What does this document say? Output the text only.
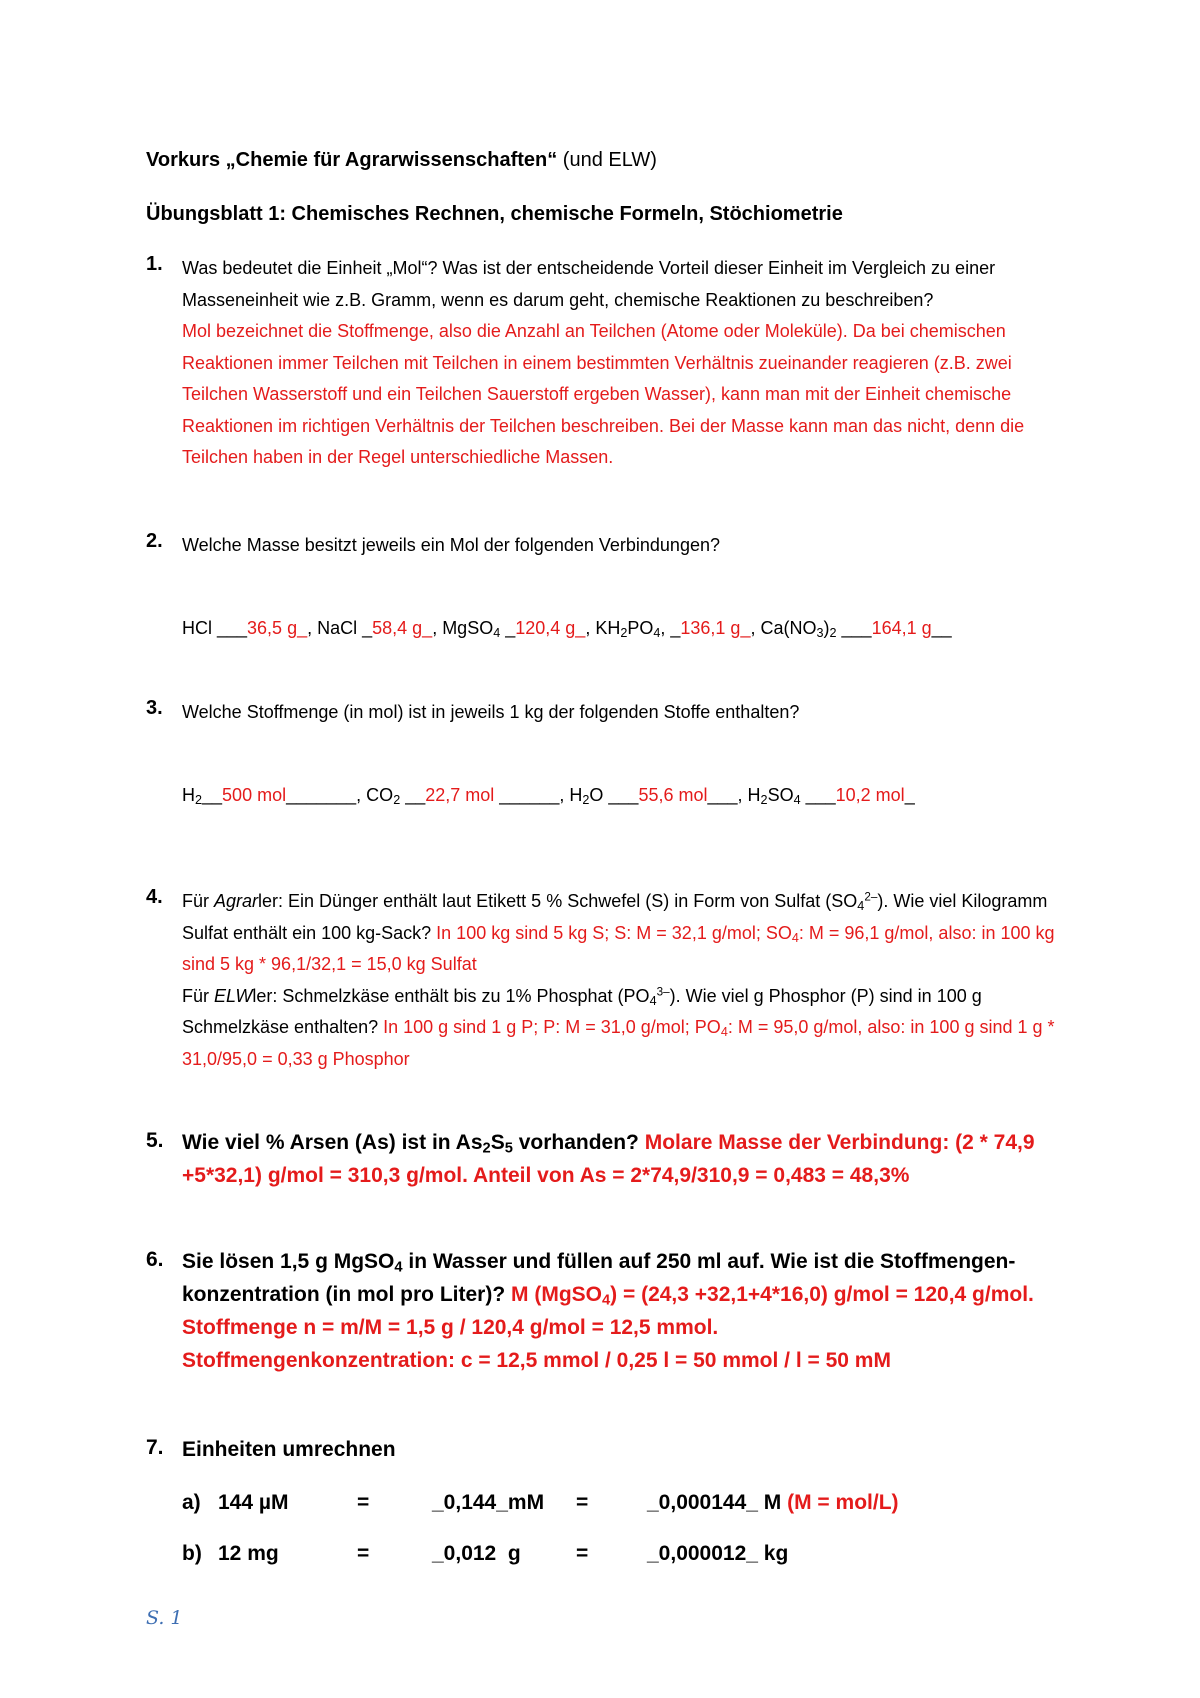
Vorkurs „Chemie für Agrarwissenschaften“ (und ELW)
Übungsblatt 1: Chemisches Rechnen, chemische Formeln, Stöchiometrie
1. Was bedeutet die Einheit „Mol“? Was ist der entscheidende Vorteil dieser Einheit im Vergleich zu einer Masseneinheit wie z.B. Gramm, wenn es darum geht, chemische Reaktionen zu beschreiben?
Mol bezeichnet die Stoffmenge, also die Anzahl an Teilchen (Atome oder Moleküle). Da bei chemischen Reaktionen immer Teilchen mit Teilchen in einem bestimmten Verhältnis zueinander reagieren (z.B. zwei Teilchen Wasserstoff und ein Teilchen Sauerstoff ergeben Wasser), kann man mit der Einheit chemische Reaktionen im richtigen Verhältnis der Teilchen beschreiben. Bei der Masse kann man das nicht, denn die Teilchen haben in der Regel unterschiedliche Massen.
2. Welche Masse besitzt jeweils ein Mol der folgenden Verbindungen?
HCl ___36,5 g_, NaCl _58,4 g_, MgSO$_4$ _120,4 g_, $KH_2PO_4$, _136,1 g_, $Ca(NO_3)_2$ ___164,1 g__
3. Welche Stoffmenge (in mol) ist in jeweils 1 kg der folgenden Stoffe enthalten?
$H_2\_\_500$ mol_______, $CO_2$ __22,7 mol ______, $H_2O$ ___55,6 mol___, $H_2SO_4$ ___10,2 mol_
4. Für Agrarler: Ein Dünger enthält laut Etikett 5 % Schwefel (S) in Form von Sulfat $(SO_4^{2-})$. Wie viel Kilogramm Sulfat enthält ein 100 kg-Sack? In 100 kg sind 5 kg S; S: M = 32,1 g/mol; $SO_4$: M = 96,1 g/mol, also: in 100 kg sind 5 kg * 96,1/32,1 = 15,0 kg Sulfat
Für ELWler: Schmelzkäse enthält bis zu 1% Phosphat $(PO_4^{3-})$. Wie viel g Phosphor (P) sind in 100 g Schmelzkäse enthalten? In 100 g sind 1 g P; P: M = 31,0 g/mol; $PO_4$: M = 95,0 g/mol, also: in 100 g sind 1 g * 31,0/95,0 = 0,33 g Phosphor
5. Wie viel % Arsen (As) ist in $As_2S_5$ vorhanden? Molare Masse der Verbindung: (2 * 74,9 +5*32,1) g/mol = 310,3 g/mol. Anteil von As = 2*74,9/310,9 = 0,483 = 48,3%
6. Sie lösen 1,5 g MgSO$_4$ in Wasser und füllen auf 250 ml auf. Wie ist die Stoffmengen-konzentration (in mol pro Liter)? M (MgSO$_4$) = (24,3 +32,1+4*16,0) g/mol = 120,4 g/mol.
Stoffmenge n = m/M = 1,5 g / 120,4 g/mol = 12,5 mmol.
Stoffmengenkonzentration: c = 12,5 mmol / 0,25 l = 50 mmol / l = 50 mM
7. Einheiten umrechnen
a) 144 µM	=	_0,144_mM =	_0,000144_ M (M = mol/L)
b) 12 mg	=	_0,012  g	=	_0,000012_ kg
S. 1
